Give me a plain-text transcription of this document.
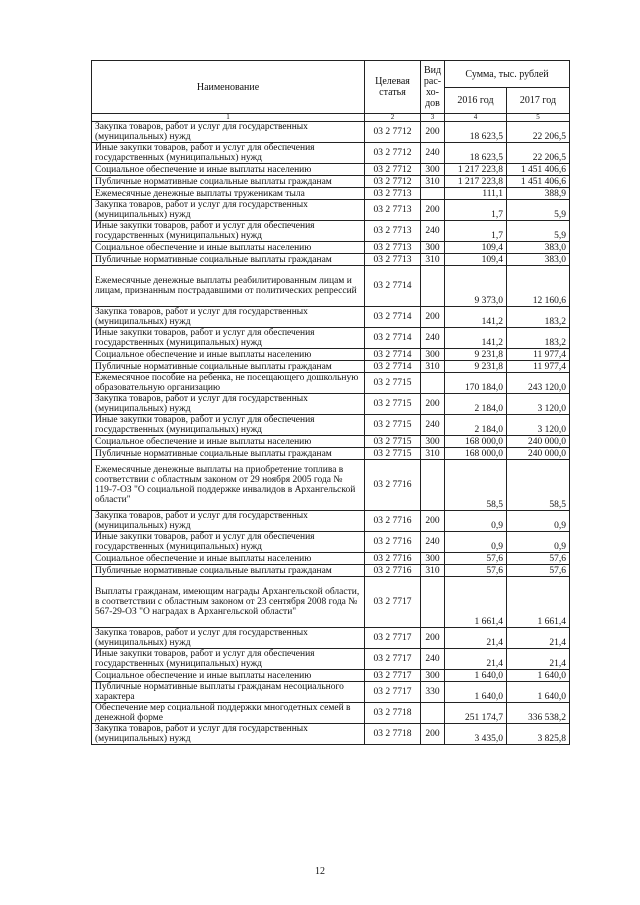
Наименование	Целевая статья	Вид рас-хо-дов	Сумма, тыс. рублей	
			2016 год	2017 год
1	2	3	4	5
Закупка товаров, работ и услуг для государственных (муниципальных) нужд	03 2 7712	200	18 623,5	22 206,5
Иные закупки товаров, работ и услуг для обеспечения государственных (муниципальных) нужд	03 2 7712	240	18 623,5	22 206,5
Социальное обеспечение и иные выплаты населению	03 2 7712	300	1 217 223,8	1 451 406,6
Публичные нормативные социальные выплаты гражданам	03 2 7712	310	1 217 223,8	1 451 406,6
Ежемесячные денежные выплаты труженикам тыла	03 2 7713		111,1	388,9
Закупка товаров, работ и услуг для государственных (муниципальных) нужд	03 2 7713	200	1,7	5,9
Иные закупки товаров, работ и услуг для обеспечения государственных (муниципальных) нужд	03 2 7713	240	1,7	5,9
Социальное обеспечение и иные выплаты населению	03 2 7713	300	109,4	383,0
Публичные нормативные социальные выплаты гражданам	03 2 7713	310	109,4	383,0
Ежемесячные денежные выплаты реабилитированным лицам и лицам, признанным пострадавшими от политических репрессий	03 2 7714		9 373,0	12 160,6
Закупка товаров, работ и услуг для государственных (муниципальных) нужд	03 2 7714	200	141,2	183,2
Иные закупки товаров, работ и услуг для обеспечения государственных (муниципальных) нужд	03 2 7714	240	141,2	183,2
Социальное обеспечение и иные выплаты населению	03 2 7714	300	9 231,8	11 977,4
Публичные нормативные социальные выплаты гражданам	03 2 7714	310	9 231,8	11 977,4
Ежемесячное пособие на ребенка, не посещающего дошкольную образовательную организацию	03 2 7715		170 184,0	243 120,0
Закупка товаров, работ и услуг для государственных (муниципальных) нужд	03 2 7715	200	2 184,0	3 120,0
Иные закупки товаров, работ и услуг для обеспечения государственных (муниципальных) нужд	03 2 7715	240	2 184,0	3 120,0
Социальное обеспечение и иные выплаты населению	03 2 7715	300	168 000,0	240 000,0
Публичные нормативные социальные выплаты гражданам	03 2 7715	310	168 000,0	240 000,0
Ежемесячные денежные выплаты на приобретение топлива в соответствии с областным законом от 29 ноября 2005 года № 119-7-ОЗ "О социальной поддержке инвалидов в Архангельской области"	03 2 7716		58,5	58,5
Закупка товаров, работ и услуг для государственных (муниципальных) нужд	03 2 7716	200	0,9	0,9
Иные закупки товаров, работ и услуг для обеспечения государственных (муниципальных) нужд	03 2 7716	240	0,9	0,9
Социальное обеспечение и иные выплаты населению	03 2 7716	300	57,6	57,6
Публичные нормативные социальные выплаты гражданам	03 2 7716	310	57,6	57,6
Выплаты гражданам, имеющим награды Архангельской области, в соответствии с областным законом от 23 сентября 2008 года № 567-29-ОЗ "О наградах в Архангельской области"	03 2 7717		1 661,4	1 661,4
Закупка товаров, работ и услуг для государственных (муниципальных) нужд	03 2 7717	200	21,4	21,4
Иные закупки товаров, работ и услуг для обеспечения государственных (муниципальных) нужд	03 2 7717	240	21,4	21,4
Социальное обеспечение и иные выплаты населению	03 2 7717	300	1 640,0	1 640,0
Публичные нормативные выплаты гражданам несоциального характера	03 2 7717	330	1 640,0	1 640,0
Обеспечение мер социальной поддержки многодетных семей в денежной форме	03 2 7718		251 174,7	336 538,2
Закупка товаров, работ и услуг для государственных (муниципальных) нужд	03 2 7718	200	3 435,0	3 825,8
12
